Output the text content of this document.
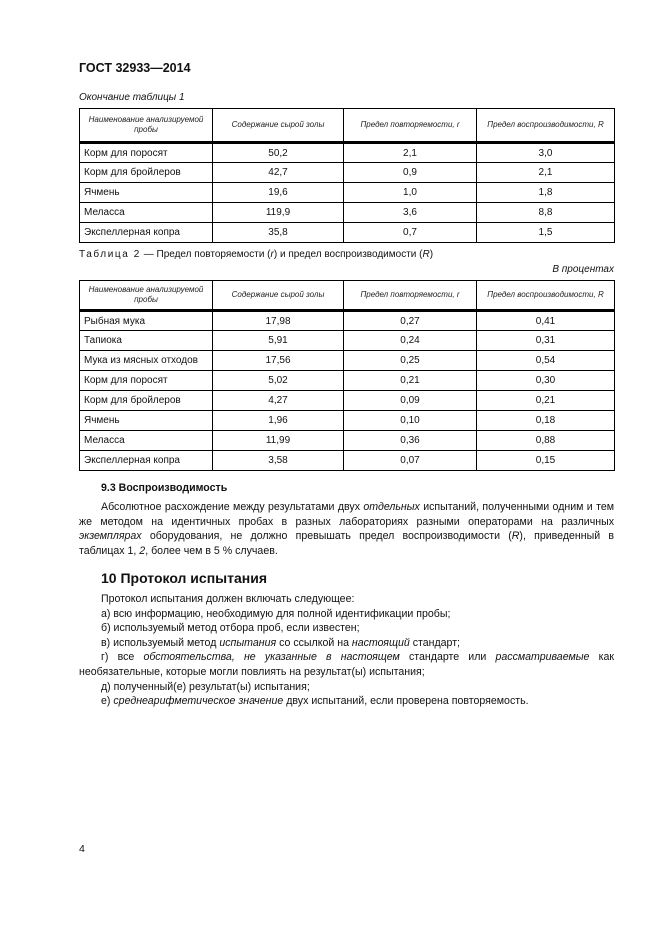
ГОСТ 32933—2014
Окончание таблицы 1
Наименование анализируемой пробы	Содержание сырой золы	Предел повторяемости, r	Предел воспроизводимости, R
Корм для поросят	50,2	2,1	3,0
Корм для бройлеров	42,7	0,9	2,1
Ячмень	19,6	1,0	1,8
Меласса	119,9	3,6	8,8
Экспеллерная копра	35,8	0,7	1,5
Таблица 2 — Предел повторяемости (r) и предел воспроизводимости (R)
В процентах
Наименование анализируемой пробы	Содержание сырой золы	Предел повторяемости, r	Предел воспроизводимости, R
Рыбная мука	17,98	0,27	0,41
Тапиока	5,91	0,24	0,31
Мука из мясных отходов	17,56	0,25	0,54
Корм для поросят	5,02	0,21	0,30
Корм для бройлеров	4,27	0,09	0,21
Ячмень	1,96	0,10	0,18
Меласса	11,99	0,36	0,88
Экспеллерная копра	3,58	0,07	0,15
9.3 Воспроизводимость
Абсолютное расхождение между результатами двух отдельных испытаний, полученными одним и тем же методом на идентичных пробах в разных лабораториях разными операторами на различных экземплярах оборудования, не должно превышать предел воспроизводимости (R), приведенный в таблицах 1, 2, более чем в 5 % случаев.
10 Протокол испытания
Протокол испытания должен включать следующее:
а) всю информацию, необходимую для полной идентификации пробы;
б) используемый метод отбора проб, если известен;
в) используемый метод испытания со ссылкой на настоящий стандарт;
г) все обстоятельства, не указанные в настоящем стандарте или рассматриваемые как необязательные, которые могли повлиять на результат(ы) испытания;
д) полученный(е) результат(ы) испытания;
е) среднеарифметическое значение двух испытаний, если проверена повторяемость.
4
